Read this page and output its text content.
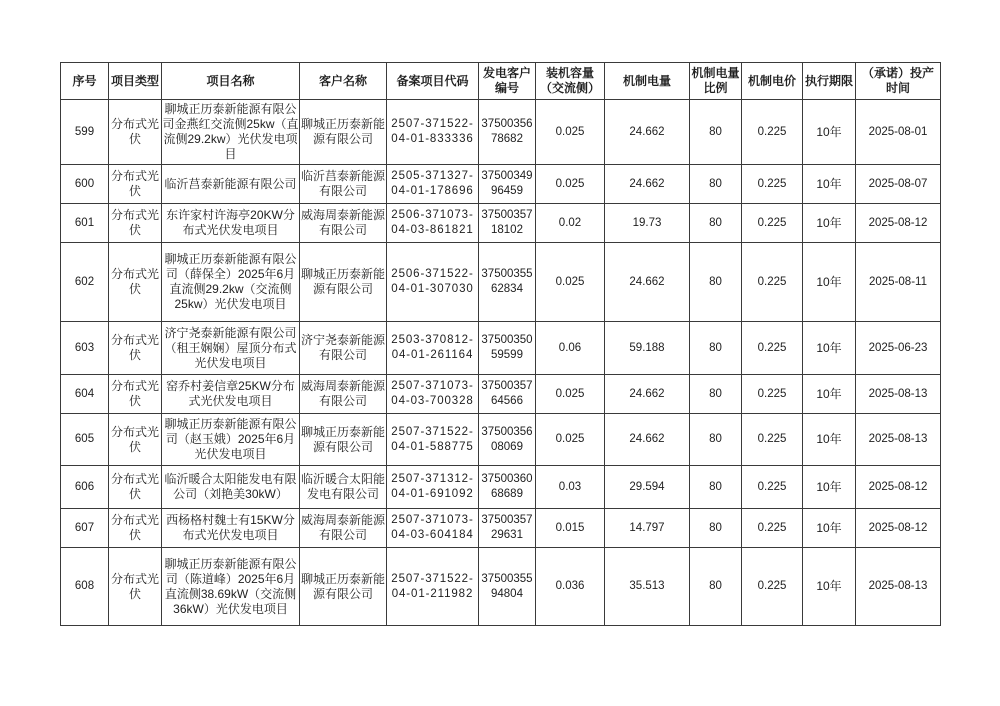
序号	项目类型	项目名称	客户名称	备案项目代码	发电客户编号	装机容量（交流侧）	机制电量	机制电量比例	机制电价	执行期限	（承诺）投产时间
599	分布式光伏	聊城正历泰新能源有限公司金燕红交流侧25kw（直流侧29.2kw）光伏发电项目	聊城正历泰新能源有限公司	2507-371522-04-01-833336	3750035678682	0.025	24.662	80	0.225	10年	2025-08-01
600	分布式光伏	临沂莒泰新能源有限公司	临沂莒泰新能源有限公司	2505-371327-04-01-178696	3750034996459	0.025	24.662	80	0.225	10年	2025-08-07
601	分布式光伏	东许家村许海亭20KW分布式光伏发电项目	威海周泰新能源有限公司	2506-371073-04-03-861821	3750035718102	0.02	19.73	80	0.225	10年	2025-08-12
602	分布式光伏	聊城正历泰新能源有限公司（薛保全）2025年6月直流侧29.2kw（交流侧25kw）光伏发电项目	聊城正历泰新能源有限公司	2506-371522-04-01-307030	3750035562834	0.025	24.662	80	0.225	10年	2025-08-11
603	分布式光伏	济宁尧泰新能源有限公司（租王娴娴）屋顶分布式光伏发电项目	济宁尧泰新能源有限公司	2503-370812-04-01-261164	3750035059599	0.06	59.188	80	0.225	10年	2025-06-23
604	分布式光伏	窑乔村姜信章25KW分布式光伏发电项目	威海周泰新能源有限公司	2507-371073-04-03-700328	3750035764566	0.025	24.662	80	0.225	10年	2025-08-13
605	分布式光伏	聊城正历泰新能源有限公司（赵玉娥）2025年6月光伏发电项目	聊城正历泰新能源有限公司	2507-371522-04-01-588775	3750035608069	0.025	24.662	80	0.225	10年	2025-08-13
606	分布式光伏	临沂暖合太阳能发电有限公司（刘艳美30kW）	临沂暖合太阳能发电有限公司	2507-371312-04-01-691092	3750036068689	0.03	29.594	80	0.225	10年	2025-08-12
607	分布式光伏	西杨格村魏士有15KW分布式光伏发电项目	威海周泰新能源有限公司	2507-371073-04-03-604184	3750035729631	0.015	14.797	80	0.225	10年	2025-08-12
608	分布式光伏	聊城正历泰新能源有限公司（陈道峰）2025年6月直流侧38.69kW（交流侧36kW）光伏发电项目	聊城正历泰新能源有限公司	2507-371522-04-01-211982	3750035594804	0.036	35.513	80	0.225	10年	2025-08-13
